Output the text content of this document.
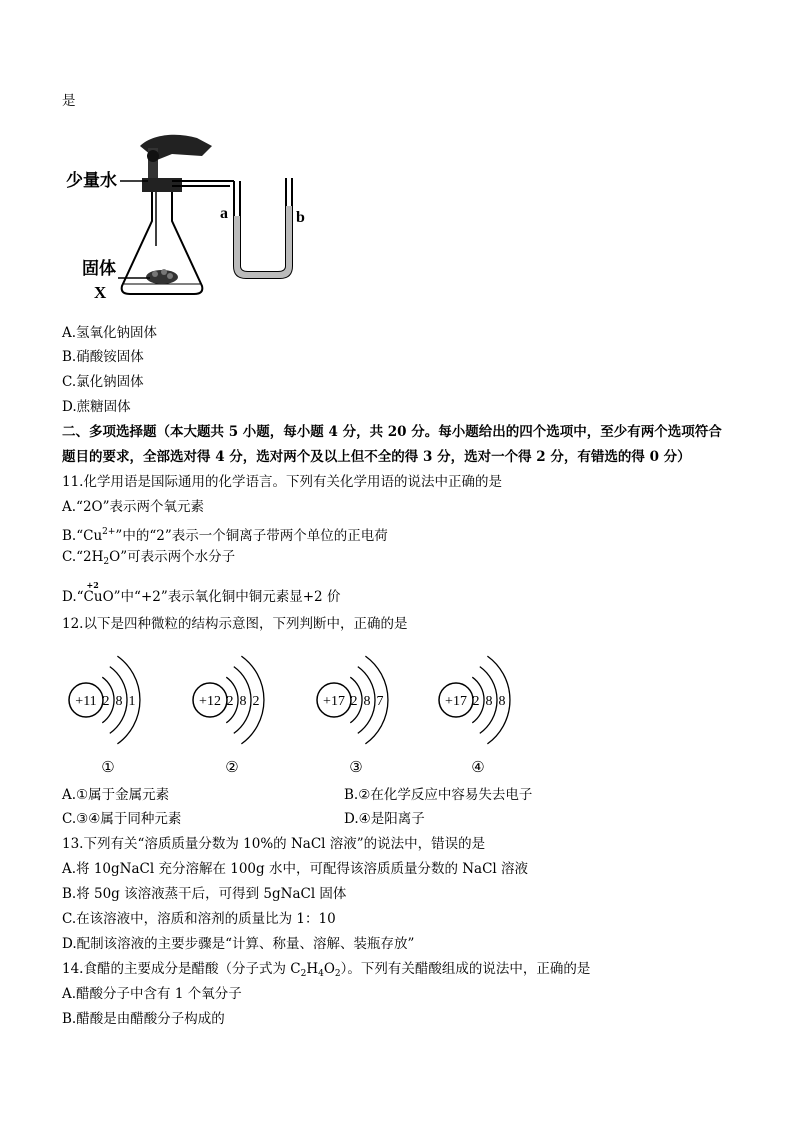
是
少量水
固体
X
a	b
A.氢氧化钠固体
B.硝酸铵固体
C.氯化钠固体
D.蔗糖固体
二、多项选择题（本大题共 5 小题，每小题 4 分，共 20 分。每小题给出的四个选项中，至少有两个选项符合
题目的要求，全部选对得 4 分，选对两个及以上但不全的得 3 分，选对一个得 2 分，有错选的得 0 分）
11.化学用语是国际通用的化学语言。下列有关化学用语的说法中正确的是
A.“2O”表示两个氧元素
$B.“Cu^{2+}$”中的“2”表示一个铜离子带两个单位的正电荷
$C.“2H_2O$”可表示两个水分子
D.“
+2
CuO”中“+2”表示氧化铜中铜元素显+2 价
12.以下是四种微粒的结构示意图，下列判断中，正确的是
+11 2 8 1
①
+12 2 8 2
②
+17 2 8 7
③
+17 2 8 8
④
A.①属于金属元素	B.②在化学反应中容易失去电子
C.③④属于同种元素	D.④是阳离子
13.下列有关“溶质质量分数为 10%的 NaCl 溶液”的说法中，错误的是
A.将 10gNaCl 充分溶解在 100g 水中，可配得该溶质质量分数的 NaCl 溶液
B.将 50g 该溶液蒸干后，可得到 5gNaCl 固体
C.在该溶液中，溶质和溶剂的质量比为 1：10
D.配制该溶液的主要步骤是“计算、称量、溶解、装瓶存放”
14.食醋的主要成分是醋酸（分子式为 $C_2H_4O_2$）。下列有关醋酸组成的说法中，正确的是
A.醋酸分子中含有 1 个氧分子
B.醋酸是由醋酸分子构成的
